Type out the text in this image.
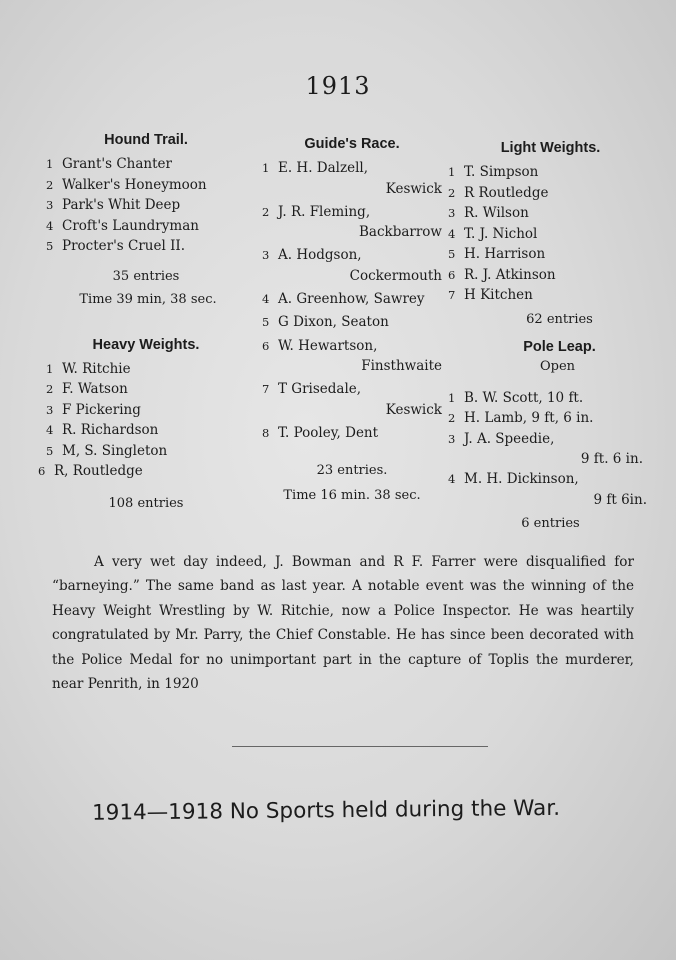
1913
Hound Trail.
1 Grant's Chanter
2 Walker's Honeymoon
3 Park's Whit Deep
4 Croft's Laundryman
5 Procter's Cruel II.
35 entries
Time 39 min, 38 sec.
Heavy Weights.
1 W. Ritchie
2 F. Watson
3 F Pickering
4 R. Richardson
5 M, S. Singleton
6 R, Routledge
108 entries
Guide's Race.
1 E. H. Dalzell,
Keswick
2 J. R. Fleming,
Backbarrow
3 A. Hodgson,
Cockermouth
4 A. Greenhow, Sawrey
5 G Dixon, Seaton
6 W. Hewartson,
Finsthwaite
7 T Grisedale,
Keswick
8 T. Pooley, Dent
23 entries.
Time 16 min. 38 sec.
Light Weights.
1 T. Simpson
2 R Routledge
3 R. Wilson
4 T. J. Nichol
5 H. Harrison
6 R. J. Atkinson
7 H Kitchen
62 entries
Pole Leap.
Open
1 B. W. Scott, 10 ft.
2 H. Lamb, 9 ft, 6 in.
3 J. A. Speedie,
9 ft. 6 in.
4 M. H. Dickinson,
9 ft 6in.
6 entries
A very wet day indeed, J. Bowman and R F. Farrer were disqualified for “barneying.” The same band as last year. A notable event was the winning of the Heavy Weight Wrestling by W. Ritchie, now a Police Inspector. He was heartily congratulated by Mr. Parry, the Chief Constable. He has since been decorated with the Police Medal for no unimportant part in the capture of Toplis the murderer, near Penrith, in 1920
1914—1918 No Sports held during the War.
